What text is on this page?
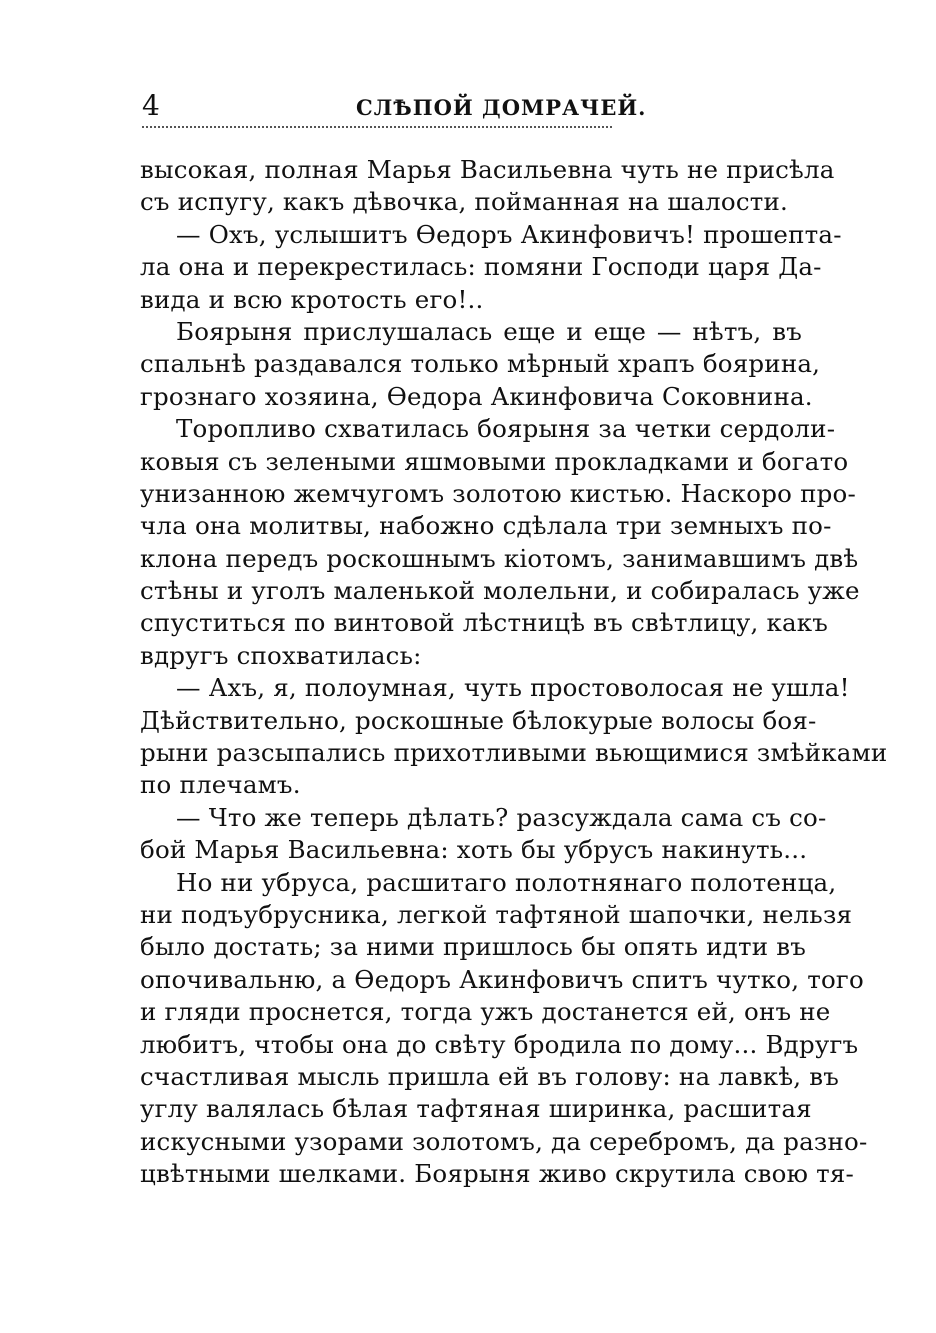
4	СЛѢПОЙ ДОМРАЧЕЙ.
высокая, полная Марья Васильевна чуть не присѣла
съ испугу, какъ дѣвочка, пойманная на шалости.
— Охъ, услышитъ Ѳедоръ Акинфовичъ! прошепта-
ла она и перекрестилась: помяни Господи царя Да-
вида и всю кротость его!..
Боярыня прислушалась еще и еще — нѣтъ, въ
спальнѣ раздавался только мѣрный храпъ боярина,
грознаго хозяина, Ѳедора Акинфовича Соковнина.
Торопливо схватилась боярыня за четки сердоли-
ковыя съ зелеными яшмовыми прокладками и богато
унизанною жемчугомъ золотою кистью. Наскоро про-
чла она молитвы, набожно сдѣлала три земныхъ по-
клона передъ роскошнымъ кіотомъ, занимавшимъ двѣ
стѣны и уголъ маленькой молельни, и собиралась уже
спуститься по винтовой лѣстницѣ въ свѣтлицу, какъ
вдругъ спохватилась:
— Ахъ, я, полоумная, чуть простоволосая не ушла!
Дѣйствительно, роскошные бѣлокурые волосы боя-
рыни разсыпались прихотливыми вьющимися змѣйками
по плечамъ.
— Что же теперь дѣлать? разсуждала сама съ со-
бой Марья Васильевна: хоть бы убрусъ накинуть...
Но ни убруса, расшитаго полотнянаго полотенца,
ни подъубрусника, легкой тафтяной шапочки, нельзя
было достать; за ними пришлось бы опять идти въ
опочивальню, а Ѳедоръ Акинфовичъ спитъ чутко, того
и гляди проснется, тогда ужъ достанется ей, онъ не
любитъ, чтобы она до свѣту бродила по дому... Вдругъ
счастливая мысль пришла ей въ голову: на лавкѣ, въ
углу валялась бѣлая тафтяная ширинка, расшитая
искусными узорами золотомъ, да серебромъ, да разно-
цвѣтными шелками. Боярыня живо скрутила свою тя-
